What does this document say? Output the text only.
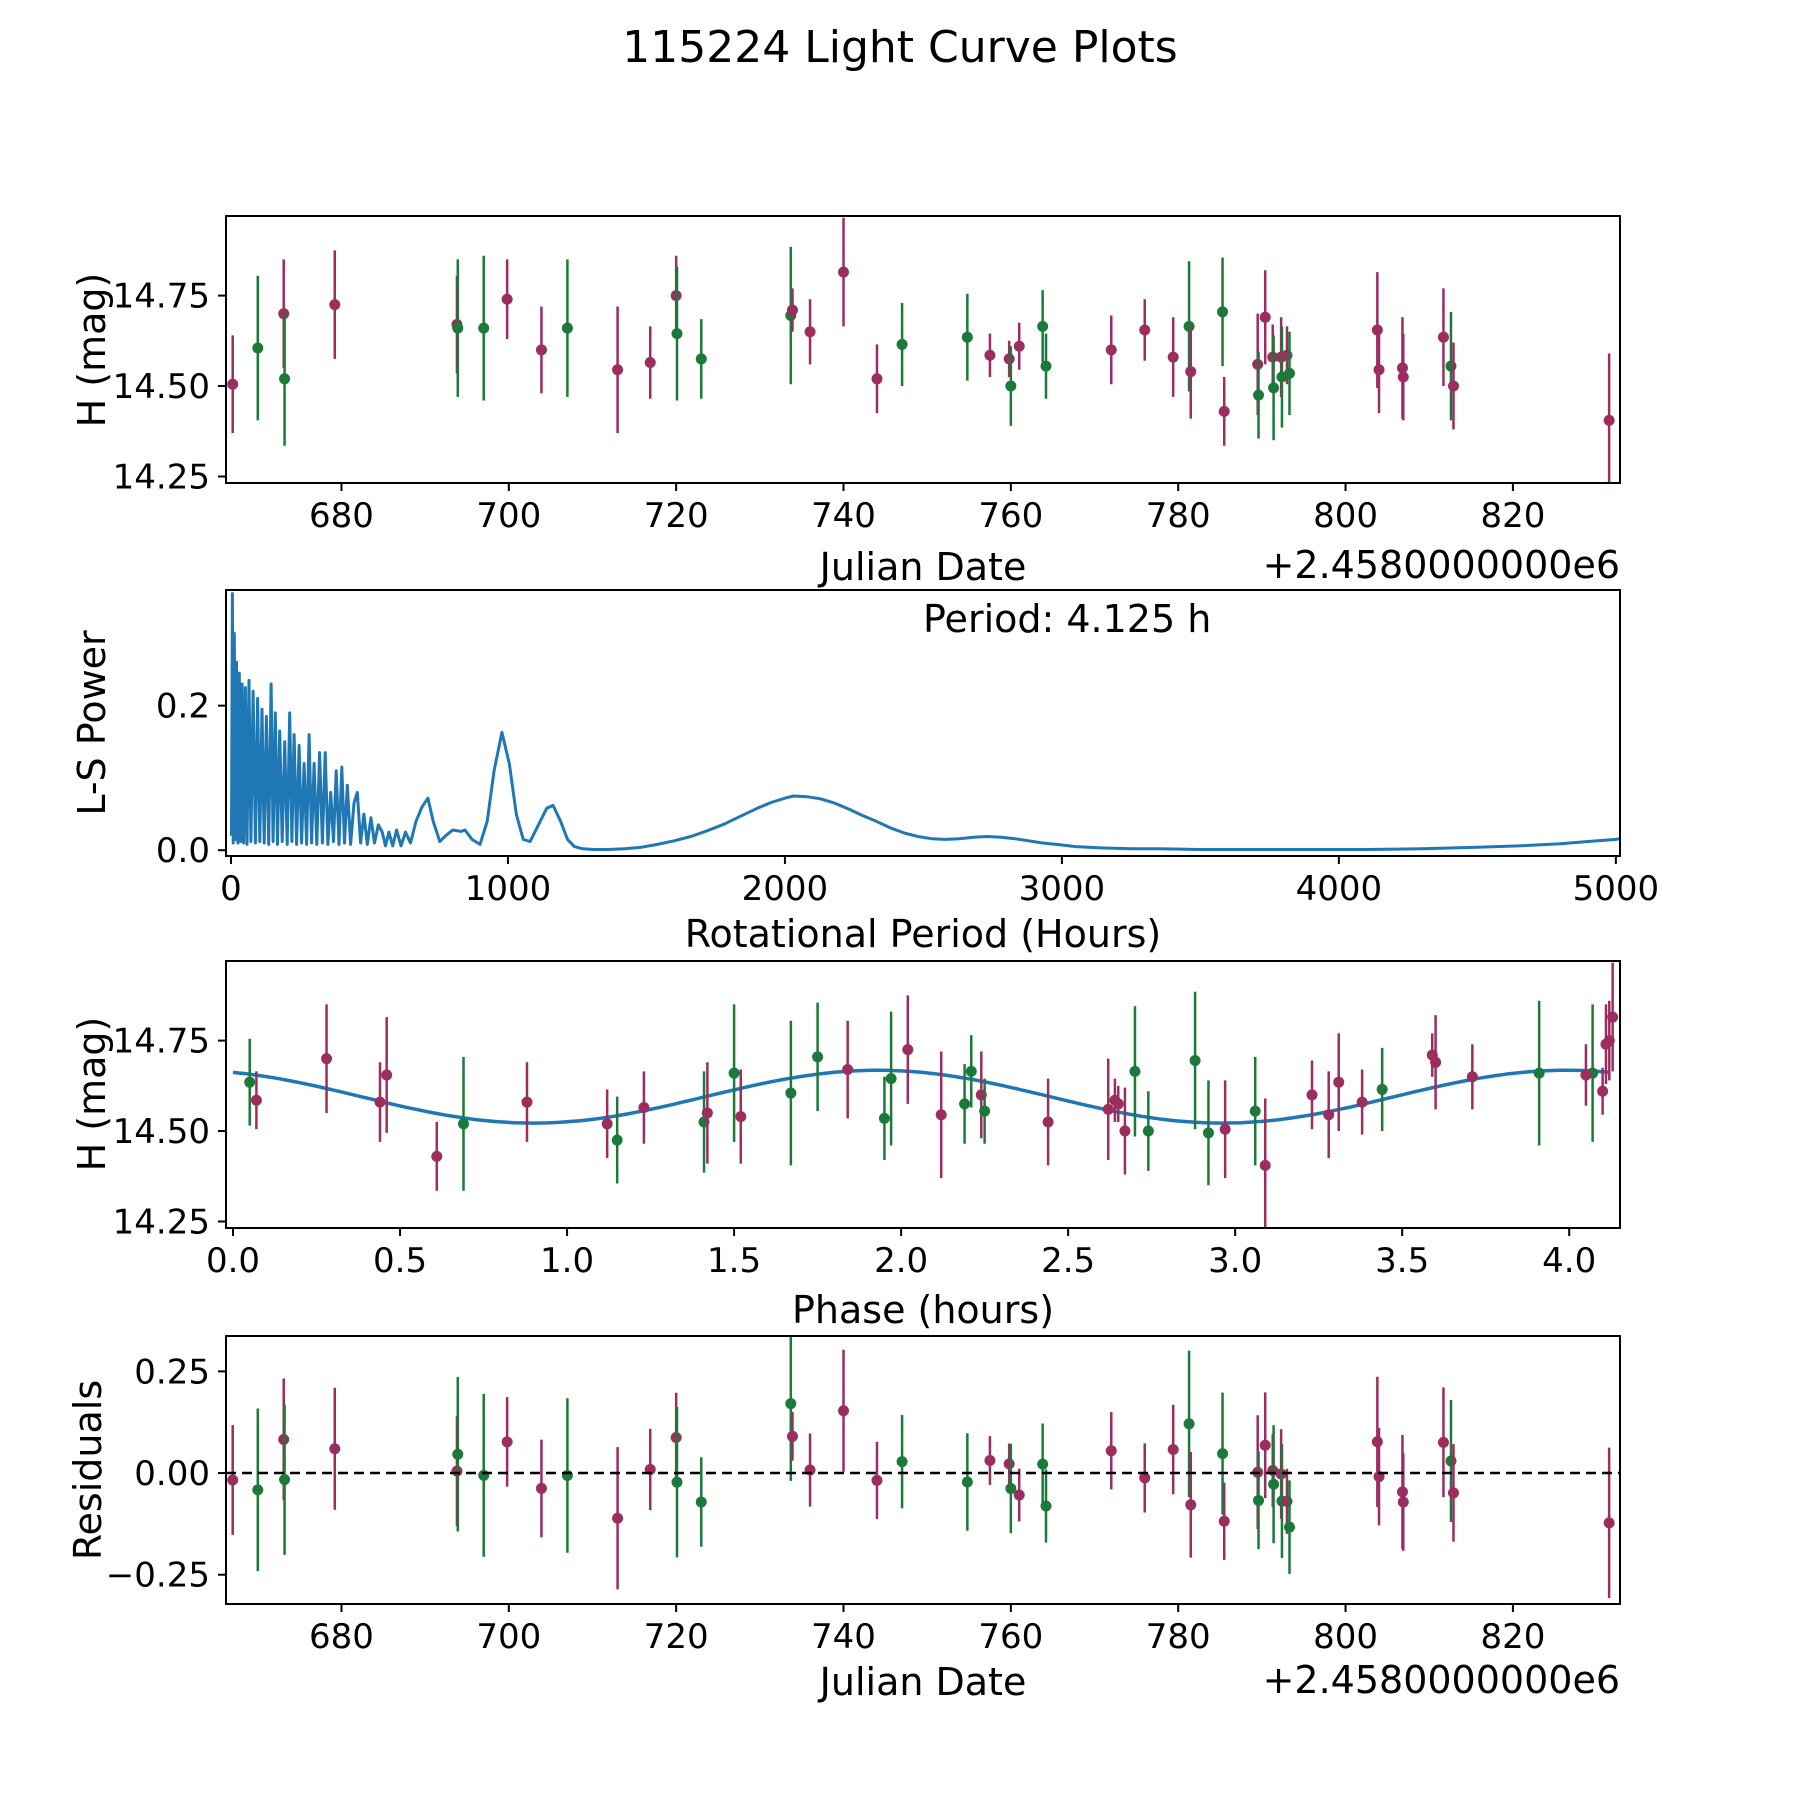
680	700	720	740	760	780	800	820
14.25
14.50
14.75
0	1000	2000	3000	4000	5000
0.0
0.2
0.0	0.5	1.0	1.5	2.0	2.5	3.0	3.5	4.0
14.25
14.50
14.75
680	700	720	740	760	780	800	820
−0.25
0.00
0.25
115224 Light Curve Plots
H (mag)
Julian Date	+2.4580000000e6
L-S Power
Rotational Period (Hours)
Period: 4.125 h
H (mag)
Phase (hours)
Residuals
Julian Date	+2.4580000000e6
